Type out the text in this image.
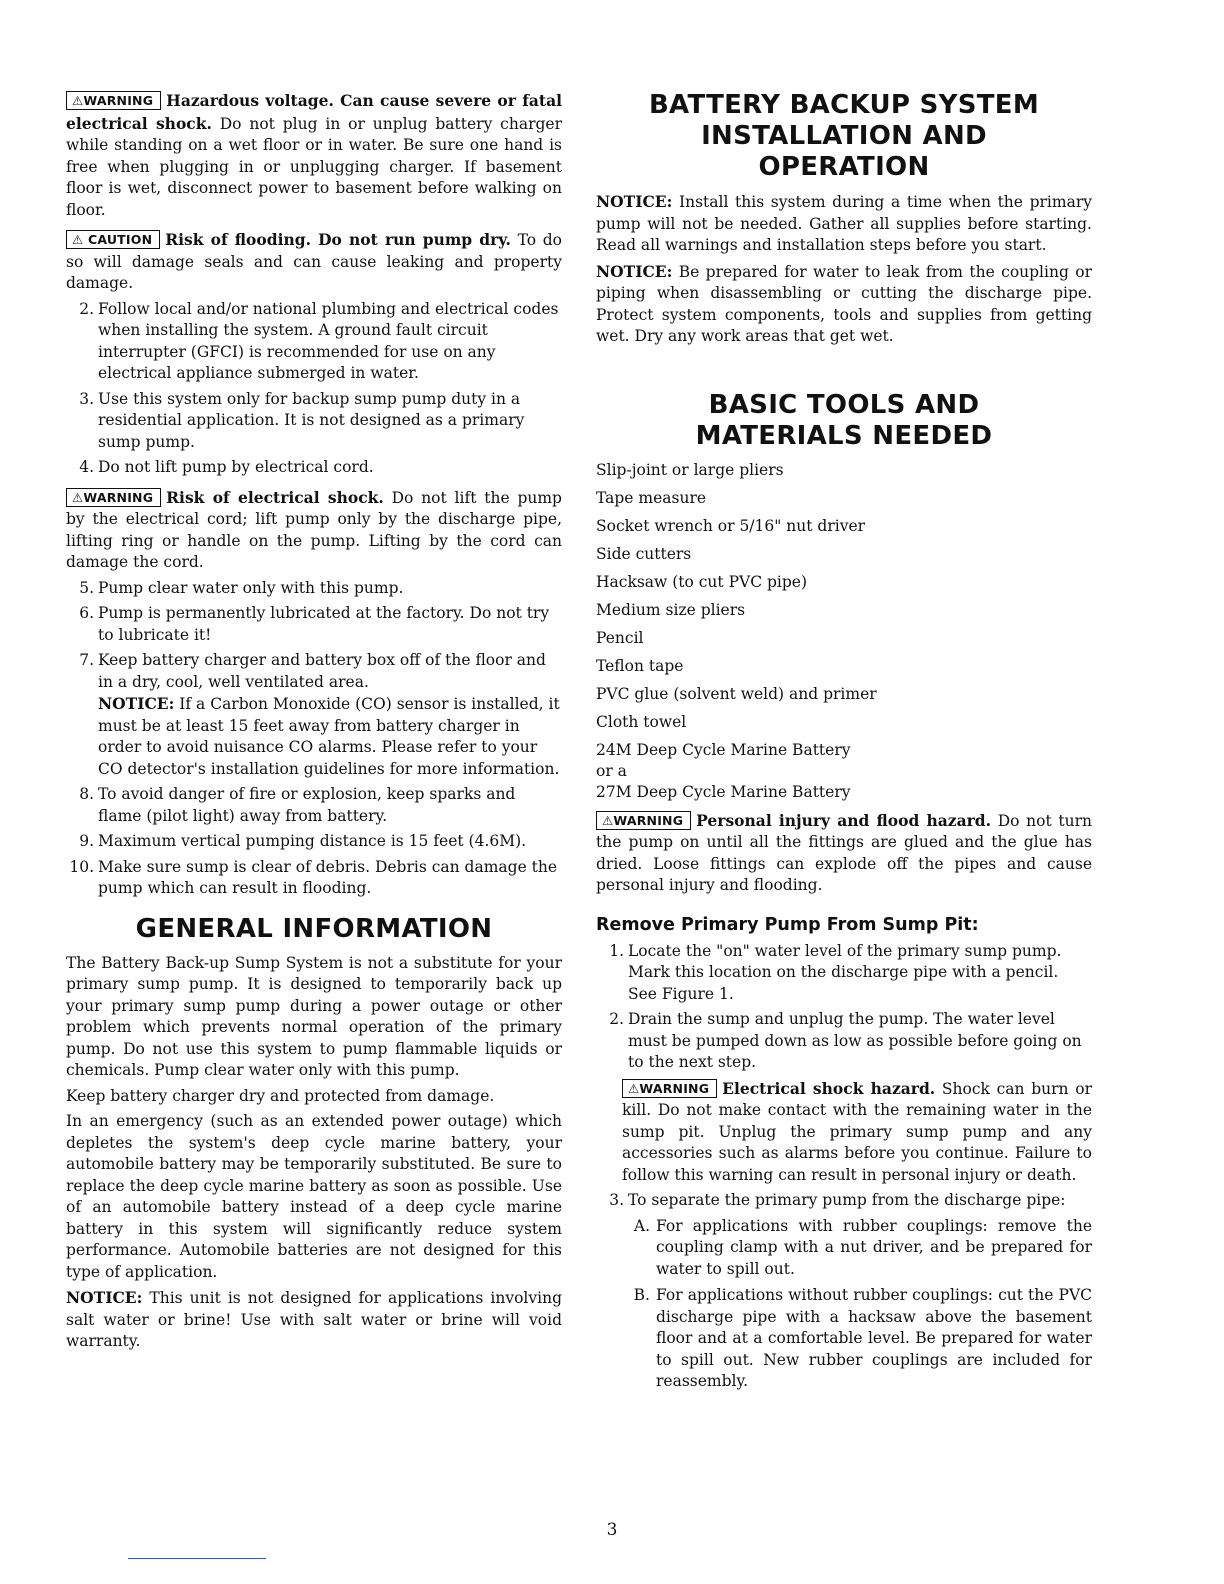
⚠WARNING Hazardous voltage. Can cause severe or fatal electrical shock. Do not plug in or unplug battery charger while standing on a wet floor or in water. Be sure one hand is free when plugging in or unplugging charger. If basement floor is wet, disconnect power to basement before walking on floor.

⚠ CAUTION Risk of flooding. Do not run pump dry. To do so will damage seals and can cause leaking and property damage.

2. Follow local and/or national plumbing and electrical codes when installing the system. A ground fault circuit interrupter (GFCI) is recommended for use on any electrical appliance submerged in water.

3. Use this system only for backup sump pump duty in a residential application. It is not designed as a primary sump pump.

4. Do not lift pump by electrical cord.

⚠WARNING Risk of electrical shock. Do not lift the pump by the electrical cord; lift pump only by the discharge pipe, lifting ring or handle on the pump. Lifting by the cord can damage the cord.

5. Pump clear water only with this pump.

6. Pump is permanently lubricated at the factory. Do not try to lubricate it!

7. Keep battery charger and battery box off of the floor and in a dry, cool, well ventilated area.

NOTICE: If a Carbon Monoxide (CO) sensor is installed, it must be at least 15 feet away from battery charger in order to avoid nuisance CO alarms. Please refer to your CO detector's installation guidelines for more information.

8. To avoid danger of fire or explosion, keep sparks and flame (pilot light) away from battery.

9. Maximum vertical pumping distance is 15 feet (4.6M).

10. Make sure sump is clear of debris. Debris can damage the pump which can result in flooding.

GENERAL INFORMATION

The Battery Back-up Sump System is not a substitute for your primary sump pump. It is designed to temporarily back up your primary sump pump during a power outage or other problem which prevents normal operation of the primary pump. Do not use this system to pump flammable liquids or chemicals. Pump clear water only with this pump.

Keep battery charger dry and protected from damage.

In an emergency (such as an extended power outage) which depletes the system's deep cycle marine battery, your automobile battery may be temporarily substituted. Be sure to replace the deep cycle marine battery as soon as possible. Use of an automobile battery instead of a deep cycle marine battery in this system will significantly reduce system performance. Automobile batteries are not designed for this type of application.

NOTICE: This unit is not designed for applications involving salt water or brine! Use with salt water or brine will void warranty.

BATTERY BACKUP SYSTEM
INSTALLATION AND
OPERATION

NOTICE: Install this system during a time when the primary pump will not be needed. Gather all supplies before starting. Read all warnings and installation steps before you start.

NOTICE: Be prepared for water to leak from the coupling or piping when disassembling or cutting the discharge pipe. Protect system components, tools and supplies from getting wet. Dry any work areas that get wet.

BASIC TOOLS AND
MATERIALS NEEDED

Slip-joint or large pliers

Tape measure

Socket wrench or 5/16" nut driver

Side cutters

Hacksaw (to cut PVC pipe)

Medium size pliers

Pencil

Teflon tape

PVC glue (solvent weld) and primer

Cloth towel

24M Deep Cycle Marine Battery

or a

27M Deep Cycle Marine Battery

⚠WARNING Personal injury and flood hazard. Do not turn the pump on until all the fittings are glued and the glue has dried. Loose fittings can explode off the pipes and cause personal injury and flooding.

Remove Primary Pump From Sump Pit:
1. Locate the "on" water level of the primary sump pump. Mark this location on the discharge pipe with a pencil. See Figure 1.

2. Drain the sump and unplug the pump. The water level must be pumped down as low as possible before going on to the next step.

⚠WARNING Electrical shock hazard. Shock can burn or kill. Do not make contact with the remaining water in the sump pit. Unplug the primary sump pump and any accessories such as alarms before you continue. Failure to follow this warning can result in personal injury or death.

3. To separate the primary pump from the discharge pipe:

A. For applications with rubber couplings: remove the coupling clamp with a nut driver, and be prepared for water to spill out.

B. For applications without rubber couplings: cut the PVC discharge pipe with a hacksaw above the basement floor and at a comfortable level. Be prepared for water to spill out. New rubber couplings are included for reassembly.

3
